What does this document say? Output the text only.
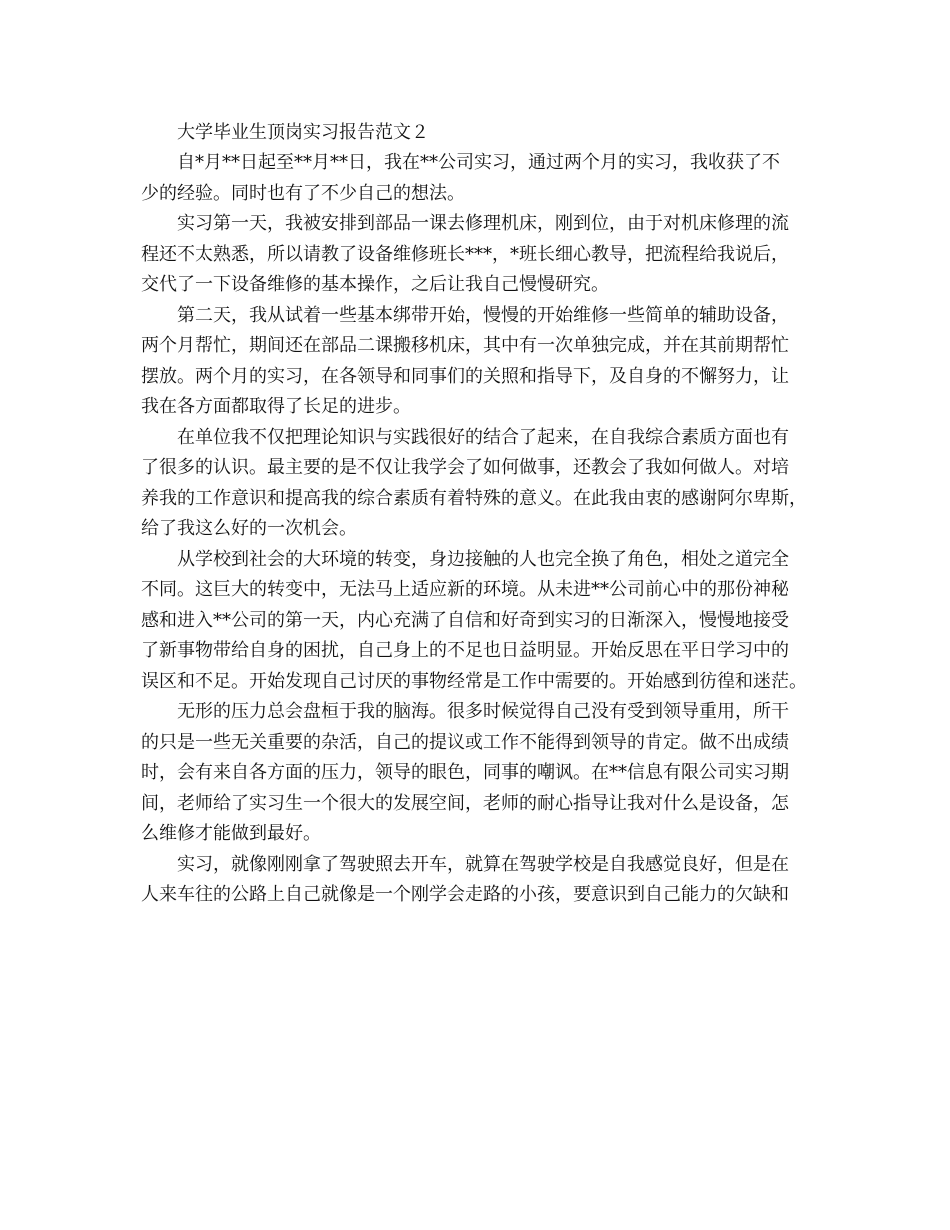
大学毕业生顶岗实习报告范文２

自*月**日起至**月**日，我在**公司实习，通过两个月的实习，我收获了不
少的经验。同时也有了不少自己的想法。
实习第一天，我被安排到部品一课去修理机床，刚到位，由于对机床修理的流
程还不太熟悉，所以请教了设备维修班长***，*班长细心教导，把流程给我说后，
交代了一下设备维修的基本操作，之后让我自己慢慢研究。
第二天，我从试着一些基本绑带开始，慢慢的开始维修一些简单的辅助设备，
两个月帮忙，期间还在部品二课搬移机床，其中有一次单独完成，并在其前期帮忙
摆放。两个月的实习，在各领导和同事们的关照和指导下，及自身的不懈努力，让
我在各方面都取得了长足的进步。
在单位我不仅把理论知识与实践很好的结合了起来，在自我综合素质方面也有
了很多的认识。最主要的是不仅让我学会了如何做事，还教会了我如何做人。对培
养我的工作意识和提高我的综合素质有着特殊的意义。在此我由衷的感谢阿尔卑斯，
给了我这么好的一次机会。
从学校到社会的大环境的转变，身边接触的人也完全换了角色，相处之道完全
不同。这巨大的转变中，无法马上适应新的环境。从未进**公司前心中的那份神秘
感和进入**公司的第一天，内心充满了自信和好奇到实习的日渐深入，慢慢地接受
了新事物带给自身的困扰，自己身上的不足也日益明显。开始反思在平日学习中的
误区和不足。开始发现自己讨厌的事物经常是工作中需要的。开始感到彷徨和迷茫。
无形的压力总会盘桓于我的脑海。很多时候觉得自己没有受到领导重用，所干
的只是一些无关重要的杂活，自己的提议或工作不能得到领导的肯定。做不出成绩
时，会有来自各方面的压力，领导的眼色，同事的嘲讽。在**信息有限公司实习期
间，老师给了实习生一个很大的发展空间，老师的耐心指导让我对什么是设备，怎
么维修才能做到最好。
实习，就像刚刚拿了驾驶照去开车，就算在驾驶学校是自我感觉良好，但是在
人来车往的公路上自己就像是一个刚学会走路的小孩，要意识到自己能力的欠缺和
